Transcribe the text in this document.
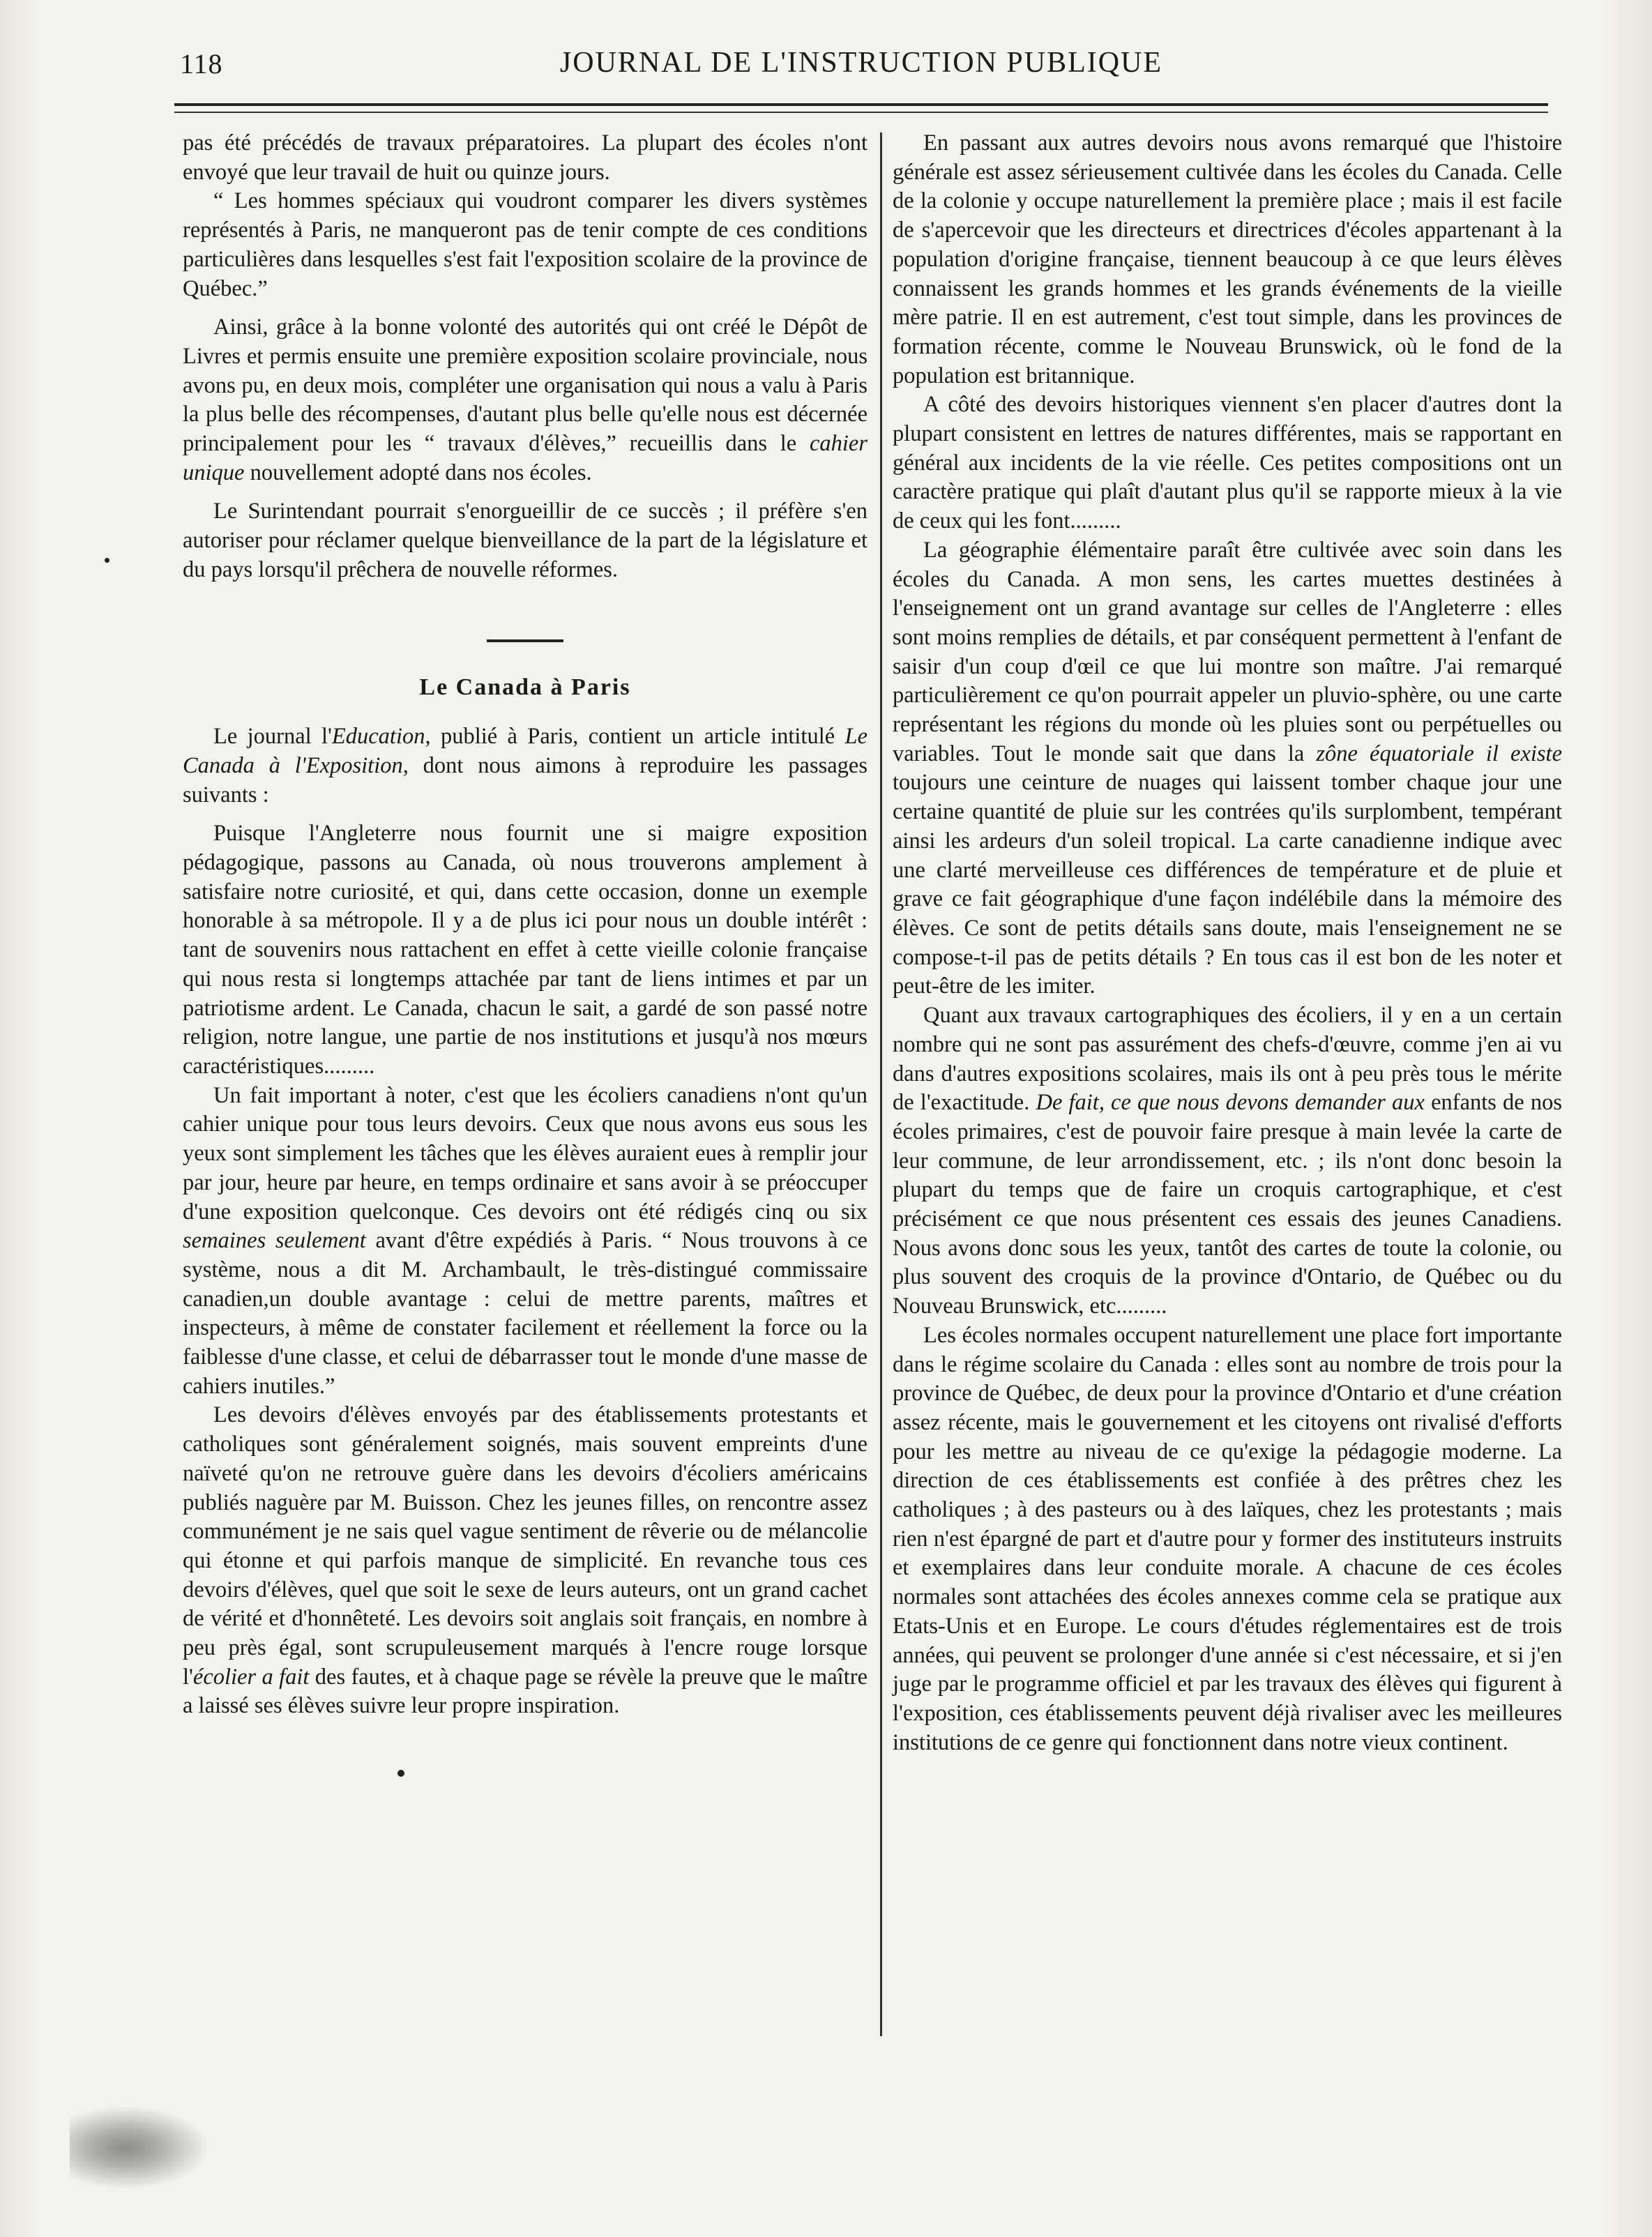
118	JOURNAL DE L'INSTRUCTION PUBLIQUE

pas été précédés de travaux préparatoires. La plupart des écoles n'ont envoyé que leur travail de huit ou quinze jours.

“ Les hommes spéciaux qui voudront comparer les divers systèmes représentés à Paris, ne manqueront pas de tenir compte de ces conditions particulières dans lesquelles s'est fait l'exposition scolaire de la province de Québec.”

Ainsi, grâce à la bonne volonté des autorités qui ont créé le Dépôt de Livres et permis ensuite une première exposition scolaire provinciale, nous avons pu, en deux mois, compléter une organisation qui nous a valu à Paris la plus belle des récompenses, d'autant plus belle qu'elle nous est décernée principalement pour les “ travaux d'élèves,” recueillis dans le cahier unique nouvellement adopté dans nos écoles.

Le Surintendant pourrait s'enorgueillir de ce succès ; il préfère s'en autoriser pour réclamer quelque bienveillance de la part de la législature et du pays lorsqu'il prêchera de nouvelle réformes.

Le Canada à Paris

Le journal l'Education, publié à Paris, contient un article intitulé Le Canada à l'Exposition, dont nous aimons à reproduire les passages suivants :

Puisque l'Angleterre nous fournit une si maigre exposition pédagogique, passons au Canada, où nous trouverons amplement à satisfaire notre curiosité, et qui, dans cette occasion, donne un exemple honorable à sa métropole. Il y a de plus ici pour nous un double intérêt : tant de souvenirs nous rattachent en effet à cette vieille colonie française qui nous resta si longtemps attachée par tant de liens intimes et par un patriotisme ardent. Le Canada, chacun le sait, a gardé de son passé notre religion, notre langue, une partie de nos institutions et jusqu'à nos mœurs caractéristiques.........

Un fait important à noter, c'est que les écoliers canadiens n'ont qu'un cahier unique pour tous leurs devoirs. Ceux que nous avons eus sous les yeux sont simplement les tâches que les élèves auraient eues à remplir jour par jour, heure par heure, en temps ordinaire et sans avoir à se préoccuper d'une exposition quelconque. Ces devoirs ont été rédigés cinq ou six semaines seulement avant d'être expédiés à Paris. “ Nous trouvons à ce système, nous a dit M. Archambault, le très-distingué commissaire canadien,un double avantage : celui de mettre parents, maîtres et inspecteurs, à même de constater facilement et réellement la force ou la faiblesse d'une classe, et celui de débarrasser tout le monde d'une masse de cahiers inutiles.”

Les devoirs d'élèves envoyés par des établissements protestants et catholiques sont généralement soignés, mais souvent empreints d'une naïveté qu'on ne retrouve guère dans les devoirs d'écoliers américains publiés naguère par M. Buisson. Chez les jeunes filles, on rencontre assez communément je ne sais quel vague sentiment de rêverie ou de mélancolie qui étonne et qui parfois manque de simplicité. En revanche tous ces devoirs d'élèves, quel que soit le sexe de leurs auteurs, ont un grand cachet de vérité et d'honnêteté. Les devoirs soit anglais soit français, en nombre à peu près égal, sont scrupuleusement marqués à l'encre rouge lorsque l'écolier a fait des fautes, et à chaque page se révèle la preuve que le maître a laissé ses élèves suivre leur propre inspiration.

En passant aux autres devoirs nous avons remarqué que l'histoire générale est assez sérieusement cultivée dans les écoles du Canada. Celle de la colonie y occupe naturellement la première place ; mais il est facile de s'apercevoir que les directeurs et directrices d'écoles appartenant à la population d'origine française, tiennent beaucoup à ce que leurs élèves connaissent les grands hommes et les grands événements de la vieille mère patrie. Il en est autrement, c'est tout simple, dans les provinces de formation récente, comme le Nouveau Brunswick, où le fond de la population est britannique.

A côté des devoirs historiques viennent s'en placer d'autres dont la plupart consistent en lettres de natures différentes, mais se rapportant en général aux incidents de la vie réelle. Ces petites compositions ont un caractère pratique qui plaît d'autant plus qu'il se rapporte mieux à la vie de ceux qui les font.........

La géographie élémentaire paraît être cultivée avec soin dans les écoles du Canada. A mon sens, les cartes muettes destinées à l'enseignement ont un grand avantage sur celles de l'Angleterre : elles sont moins remplies de détails, et par conséquent permettent à l'enfant de saisir d'un coup d'œil ce que lui montre son maître. J'ai remarqué particulièrement ce qu'on pourrait appeler un pluvio-sphère, ou une carte représentant les régions du monde où les pluies sont ou perpétuelles ou variables. Tout le monde sait que dans la zône équatoriale il existe toujours une ceinture de nuages qui laissent tomber chaque jour une certaine quantité de pluie sur les contrées qu'ils surplombent, tempérant ainsi les ardeurs d'un soleil tropical. La carte canadienne indique avec une clarté merveilleuse ces différences de température et de pluie et grave ce fait géographique d'une façon indélébile dans la mémoire des élèves. Ce sont de petits détails sans doute, mais l'enseignement ne se compose-t-il pas de petits détails ? En tous cas il est bon de les noter et peut-être de les imiter.

Quant aux travaux cartographiques des écoliers, il y en a un certain nombre qui ne sont pas assurément des chefs-d'œuvre, comme j'en ai vu dans d'autres expositions scolaires, mais ils ont à peu près tous le mérite de l'exactitude. De fait, ce que nous devons demander aux enfants de nos écoles primaires, c'est de pouvoir faire presque à main levée la carte de leur commune, de leur arrondissement, etc. ; ils n'ont donc besoin la plupart du temps que de faire un croquis cartographique, et c'est précisément ce que nous présentent ces essais des jeunes Canadiens. Nous avons donc sous les yeux, tantôt des cartes de toute la colonie, ou plus souvent des croquis de la province d'Ontario, de Québec ou du Nouveau Brunswick, etc.........

Les écoles normales occupent naturellement une place fort importante dans le régime scolaire du Canada : elles sont au nombre de trois pour la province de Québec, de deux pour la province d'Ontario et d'une création assez récente, mais le gouvernement et les citoyens ont rivalisé d'efforts pour les mettre au niveau de ce qu'exige la pédagogie moderne. La direction de ces établissements est confiée à des prêtres chez les catholiques ; à des pasteurs ou à des laïques, chez les protestants ; mais rien n'est épargné de part et d'autre pour y former des instituteurs instruits et exemplaires dans leur conduite morale. A chacune de ces écoles normales sont attachées des écoles annexes comme cela se pratique aux Etats-Unis et en Europe. Le cours d'études réglementaires est de trois années, qui peuvent se prolonger d'une année si c'est nécessaire, et si j'en juge par le programme officiel et par les travaux des élèves qui figurent à l'exposition, ces établissements peuvent déjà rivaliser avec les meilleures institutions de ce genre qui fonctionnent dans notre vieux continent.
